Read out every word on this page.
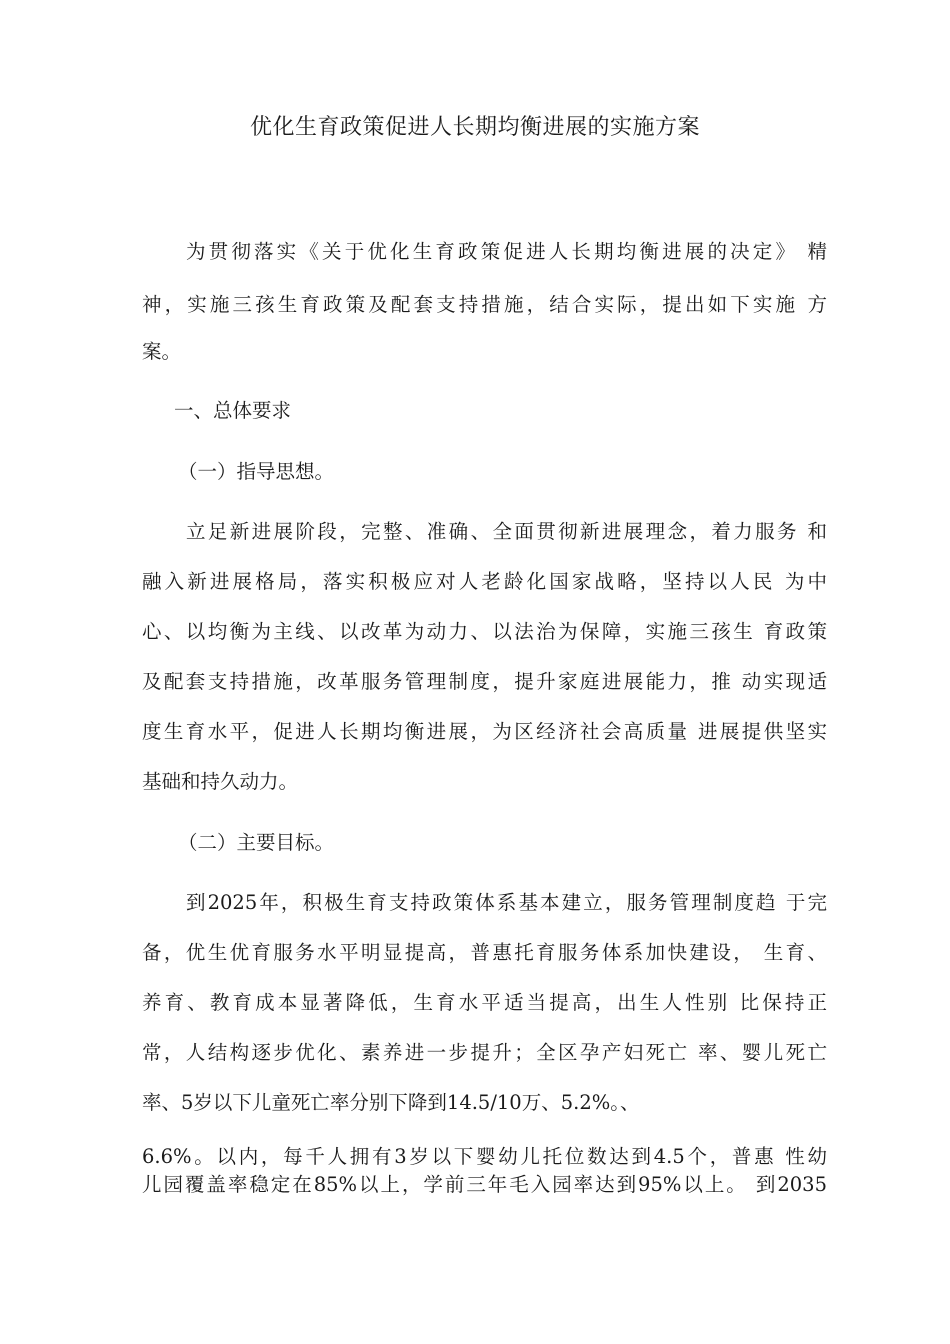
优化生育政策促进人长期均衡进展的实施方案
为贯彻落实《关于优化生育政策促进人长期均衡进展的决定》 精
神，实施三孩生育政策及配套支持措施，结合实际，提出如下实施 方
案。
一、总体要求
（一）指导思想。
立足新进展阶段，完整、准确、全面贯彻新进展理念，着力服务 和
融入新进展格局，落实积极应对人老龄化国家战略，坚持以人民 为中
心、以均衡为主线、以改革为动力、以法治为保障，实施三孩生 育政策
及配套支持措施，改革服务管理制度，提升家庭进展能力，推 动实现适
度生育水平，促进人长期均衡进展，为区经济社会高质量 进展提供坚实
基础和持久动力。
（二）主要目标。
到2025年，积极生育支持政策体系基本建立，服务管理制度趋 于完
备，优生优育服务水平明显提高，普惠托育服务体系加快建设， 生育、
养育、教育成本显著降低，生育水平适当提高，出生人性别 比保持正
常，人结构逐步优化、素养进一步提升；全区孕产妇死亡 率、婴儿死亡
率、5岁以下儿童死亡率分别下降到14.5/10万、5.2%。、
6.6%。以内，每千人拥有3岁以下婴幼儿托位数达到4.5个，普惠 性幼
儿园覆盖率稳定在85%以上，学前三年毛入园率达到95%以上。 到2035
